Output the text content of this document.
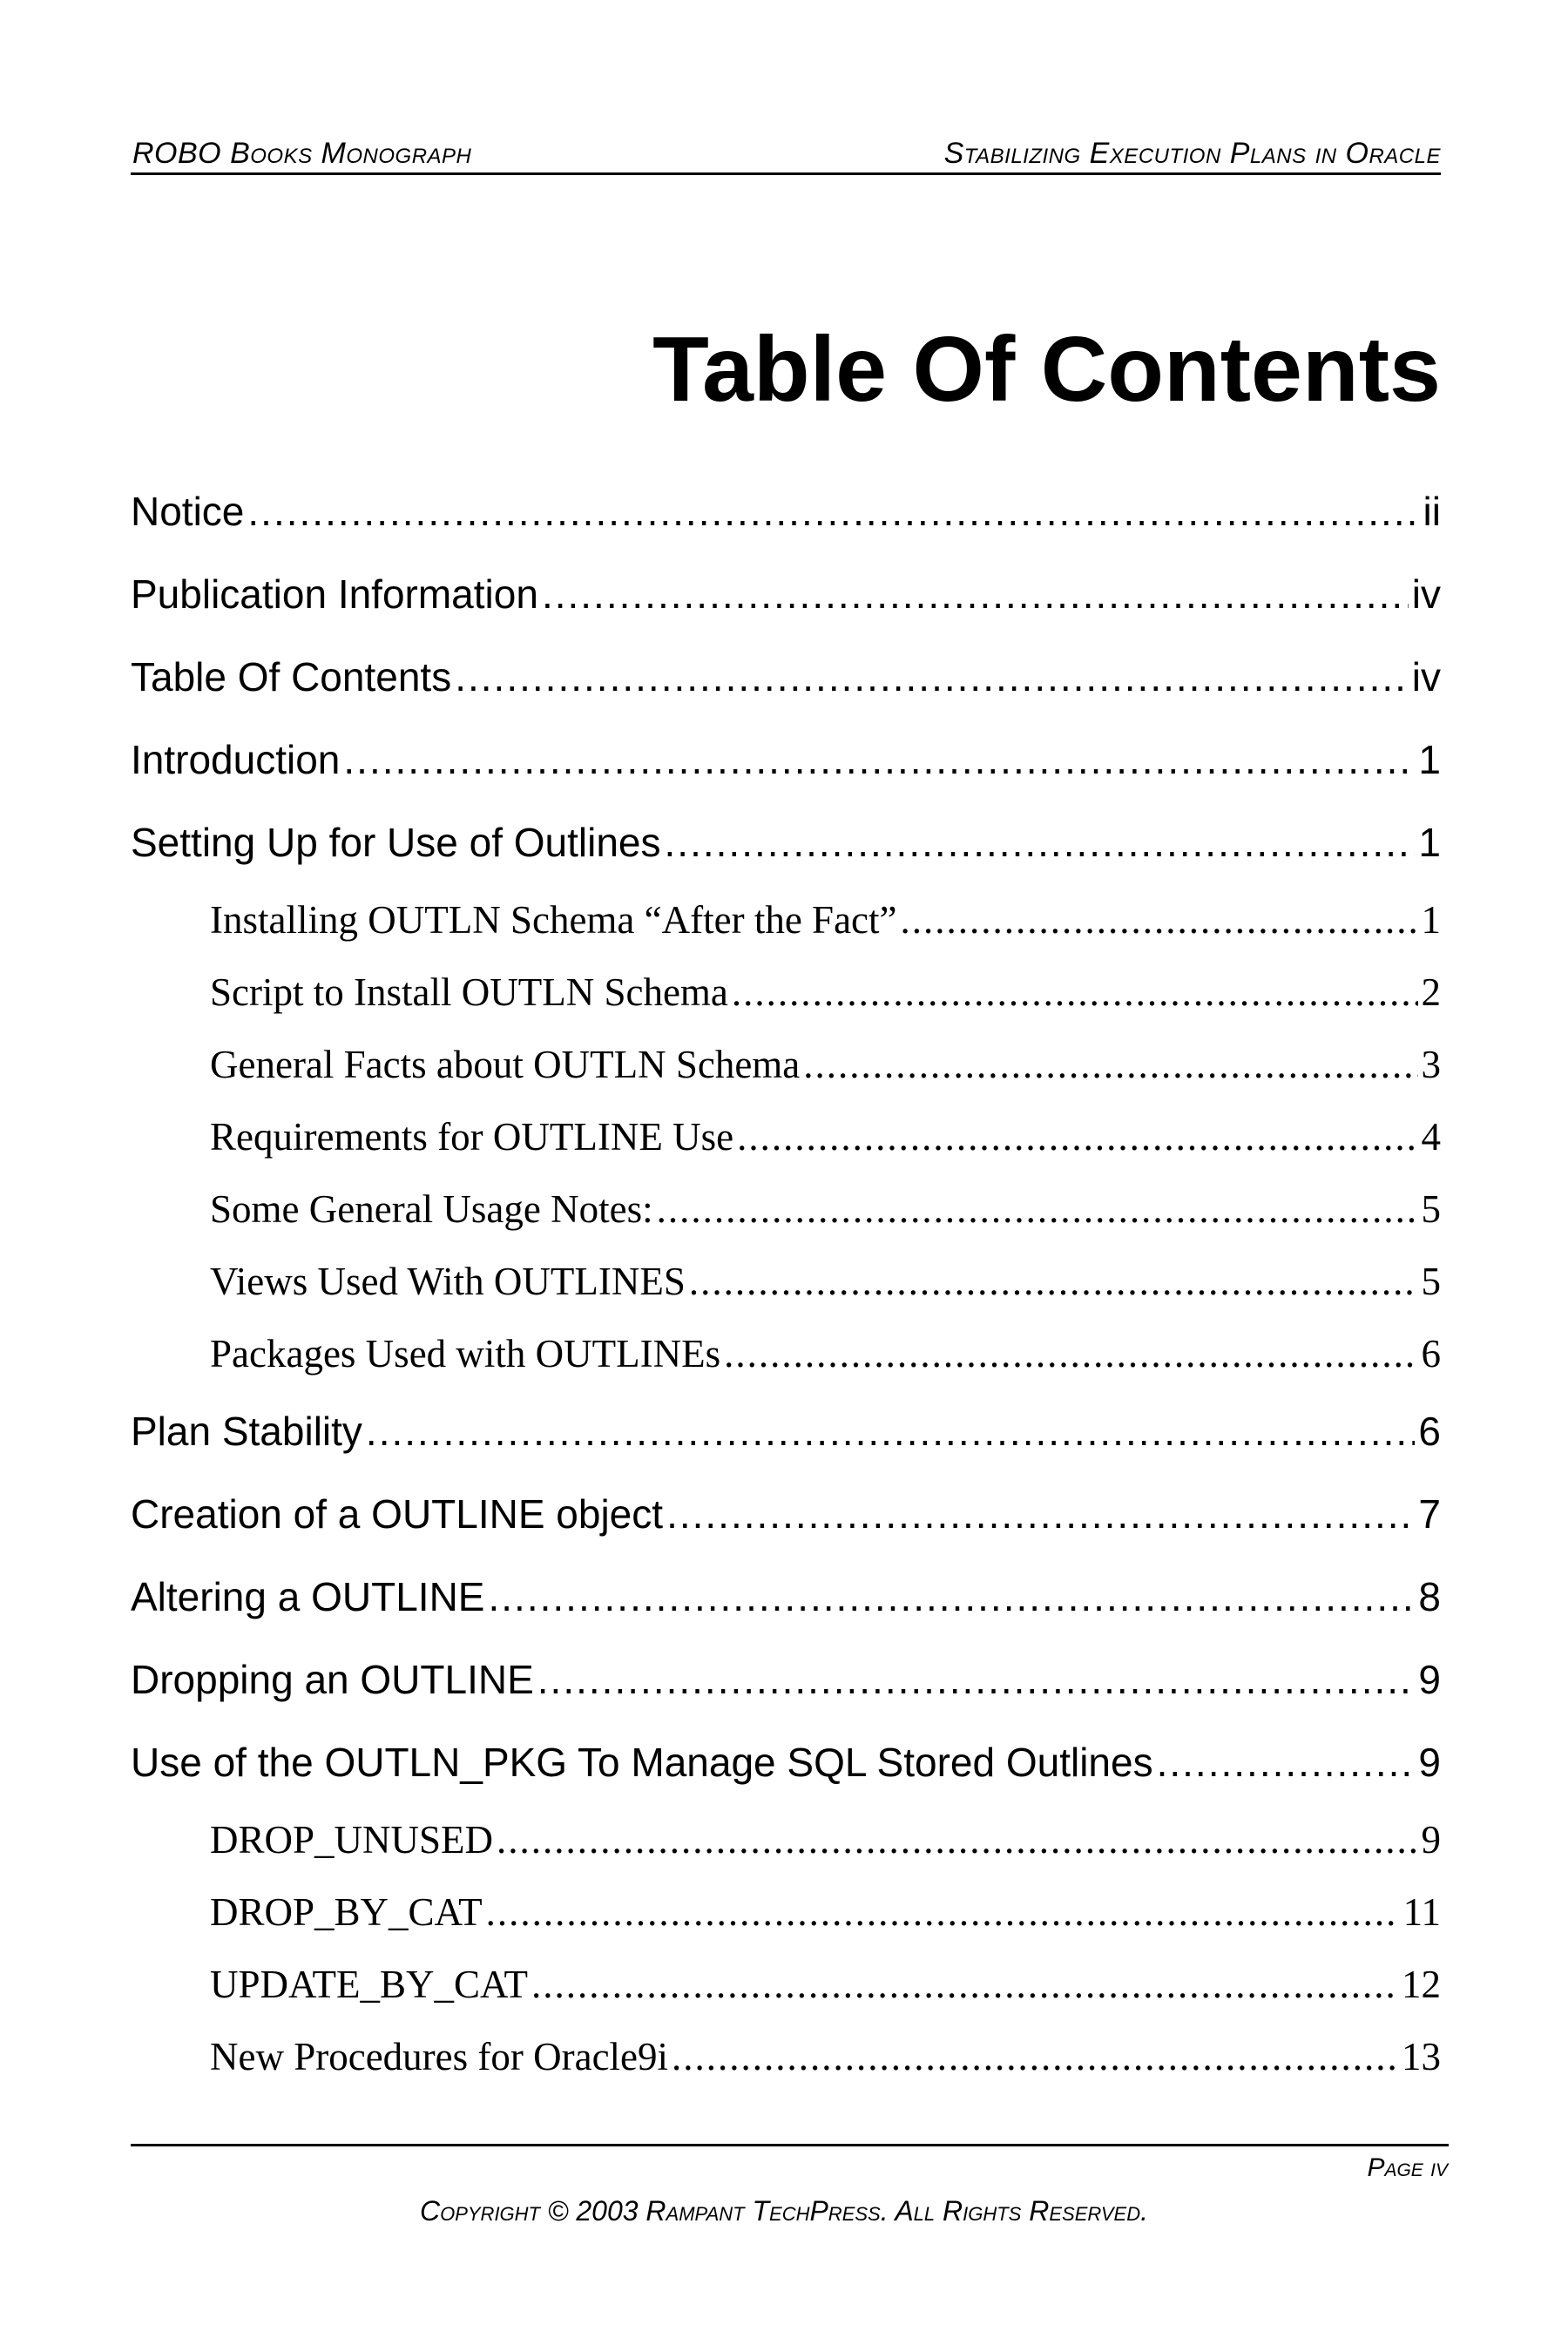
ROBO Books Monograph	Stabilizing Execution Plans in Oracle
Table Of Contents
Notice .....	ii
Publication Information .....	iv
Table Of Contents .....	iv
Introduction .....	1
Setting Up for Use of Outlines .....	1
Installing OUTLN Schema “After the Fact” .....	1
Script to Install OUTLN Schema .....	2
General Facts about OUTLN Schema .....	3
Requirements for OUTLINE Use .....	4
Some General Usage Notes: .....	5
Views Used With OUTLINES .....	5
Packages Used with OUTLINEs .....	6
Plan Stability .....	6
Creation of a OUTLINE object .....	7
Altering a OUTLINE .....	8
Dropping an OUTLINE .....	9
Use of the OUTLN_PKG To Manage SQL Stored Outlines .....	9
DROP_UNUSED .....	9
DROP_BY_CAT .....	11
UPDATE_BY_CAT .....	12
New Procedures for Oracle9i .....	13
Page iv
Copyright © 2003 Rampant TechPress. All Rights Reserved.
